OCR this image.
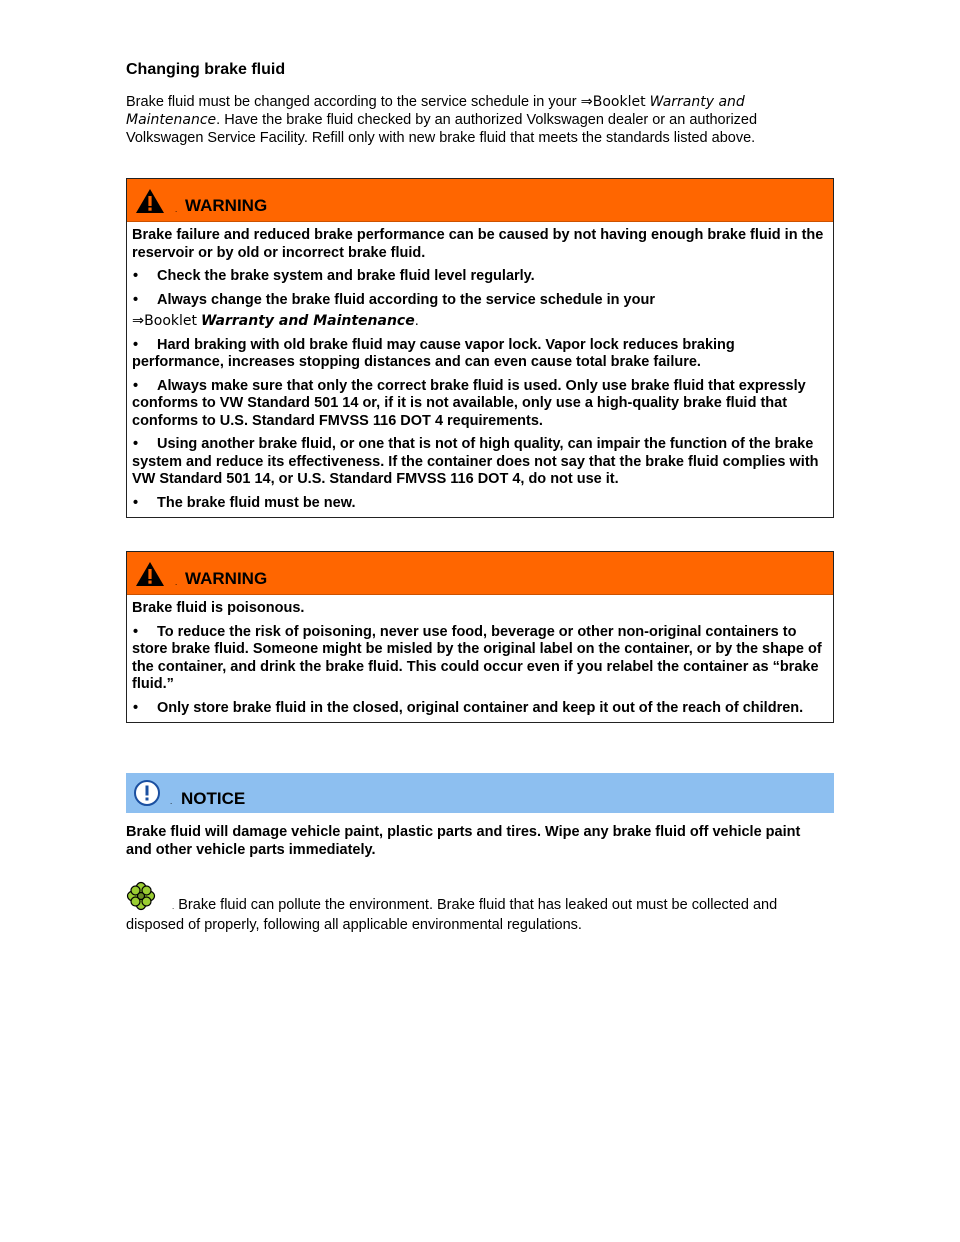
Changing brake fluid

Brake fluid must be changed according to the service schedule in your ⇒Booklet Warranty and Maintenance. Have the brake fluid checked by an authorized Volkswagen dealer or an authorized Volkswagen Service Facility. Refill only with new brake fluid that meets the standards listed above.

. WARNING

Brake failure and reduced brake performance can be caused by not having enough brake fluid in the reservoir or by old or incorrect brake fluid.

• Check the brake system and brake fluid level regularly.

• Always change the brake fluid according to the service schedule in your

⇒Booklet Warranty and Maintenance.

• Hard braking with old brake fluid may cause vapor lock. Vapor lock reduces braking performance, increases stopping distances and can even cause total brake failure.

• Always make sure that only the correct brake fluid is used. Only use brake fluid that expressly conforms to VW Standard 501 14 or, if it is not available, only use a high-quality brake fluid that conforms to U.S. Standard FMVSS 116 DOT 4 requirements.

• Using another brake fluid, or one that is not of high quality, can impair the function of the brake system and reduce its effectiveness. If the container does not say that the brake fluid complies with VW Standard 501 14, or U.S. Standard FMVSS 116 DOT 4, do not use it.

• The brake fluid must be new.

. WARNING

Brake fluid is poisonous.

• To reduce the risk of poisoning, never use food, beverage or other non-original containers to store brake fluid. Someone might be misled by the original label on the container, or by the shape of the container, and drink the brake fluid. This could occur even if you relabel the container as “brake fluid.”

• Only store brake fluid in the closed, original container and keep it out of the reach of children.

. NOTICE

Brake fluid will damage vehicle paint, plastic parts and tires. Wipe any brake fluid off vehicle paint and other vehicle parts immediately.

. Brake fluid can pollute the environment. Brake fluid that has leaked out must be collected and disposed of properly, following all applicable environmental regulations.
